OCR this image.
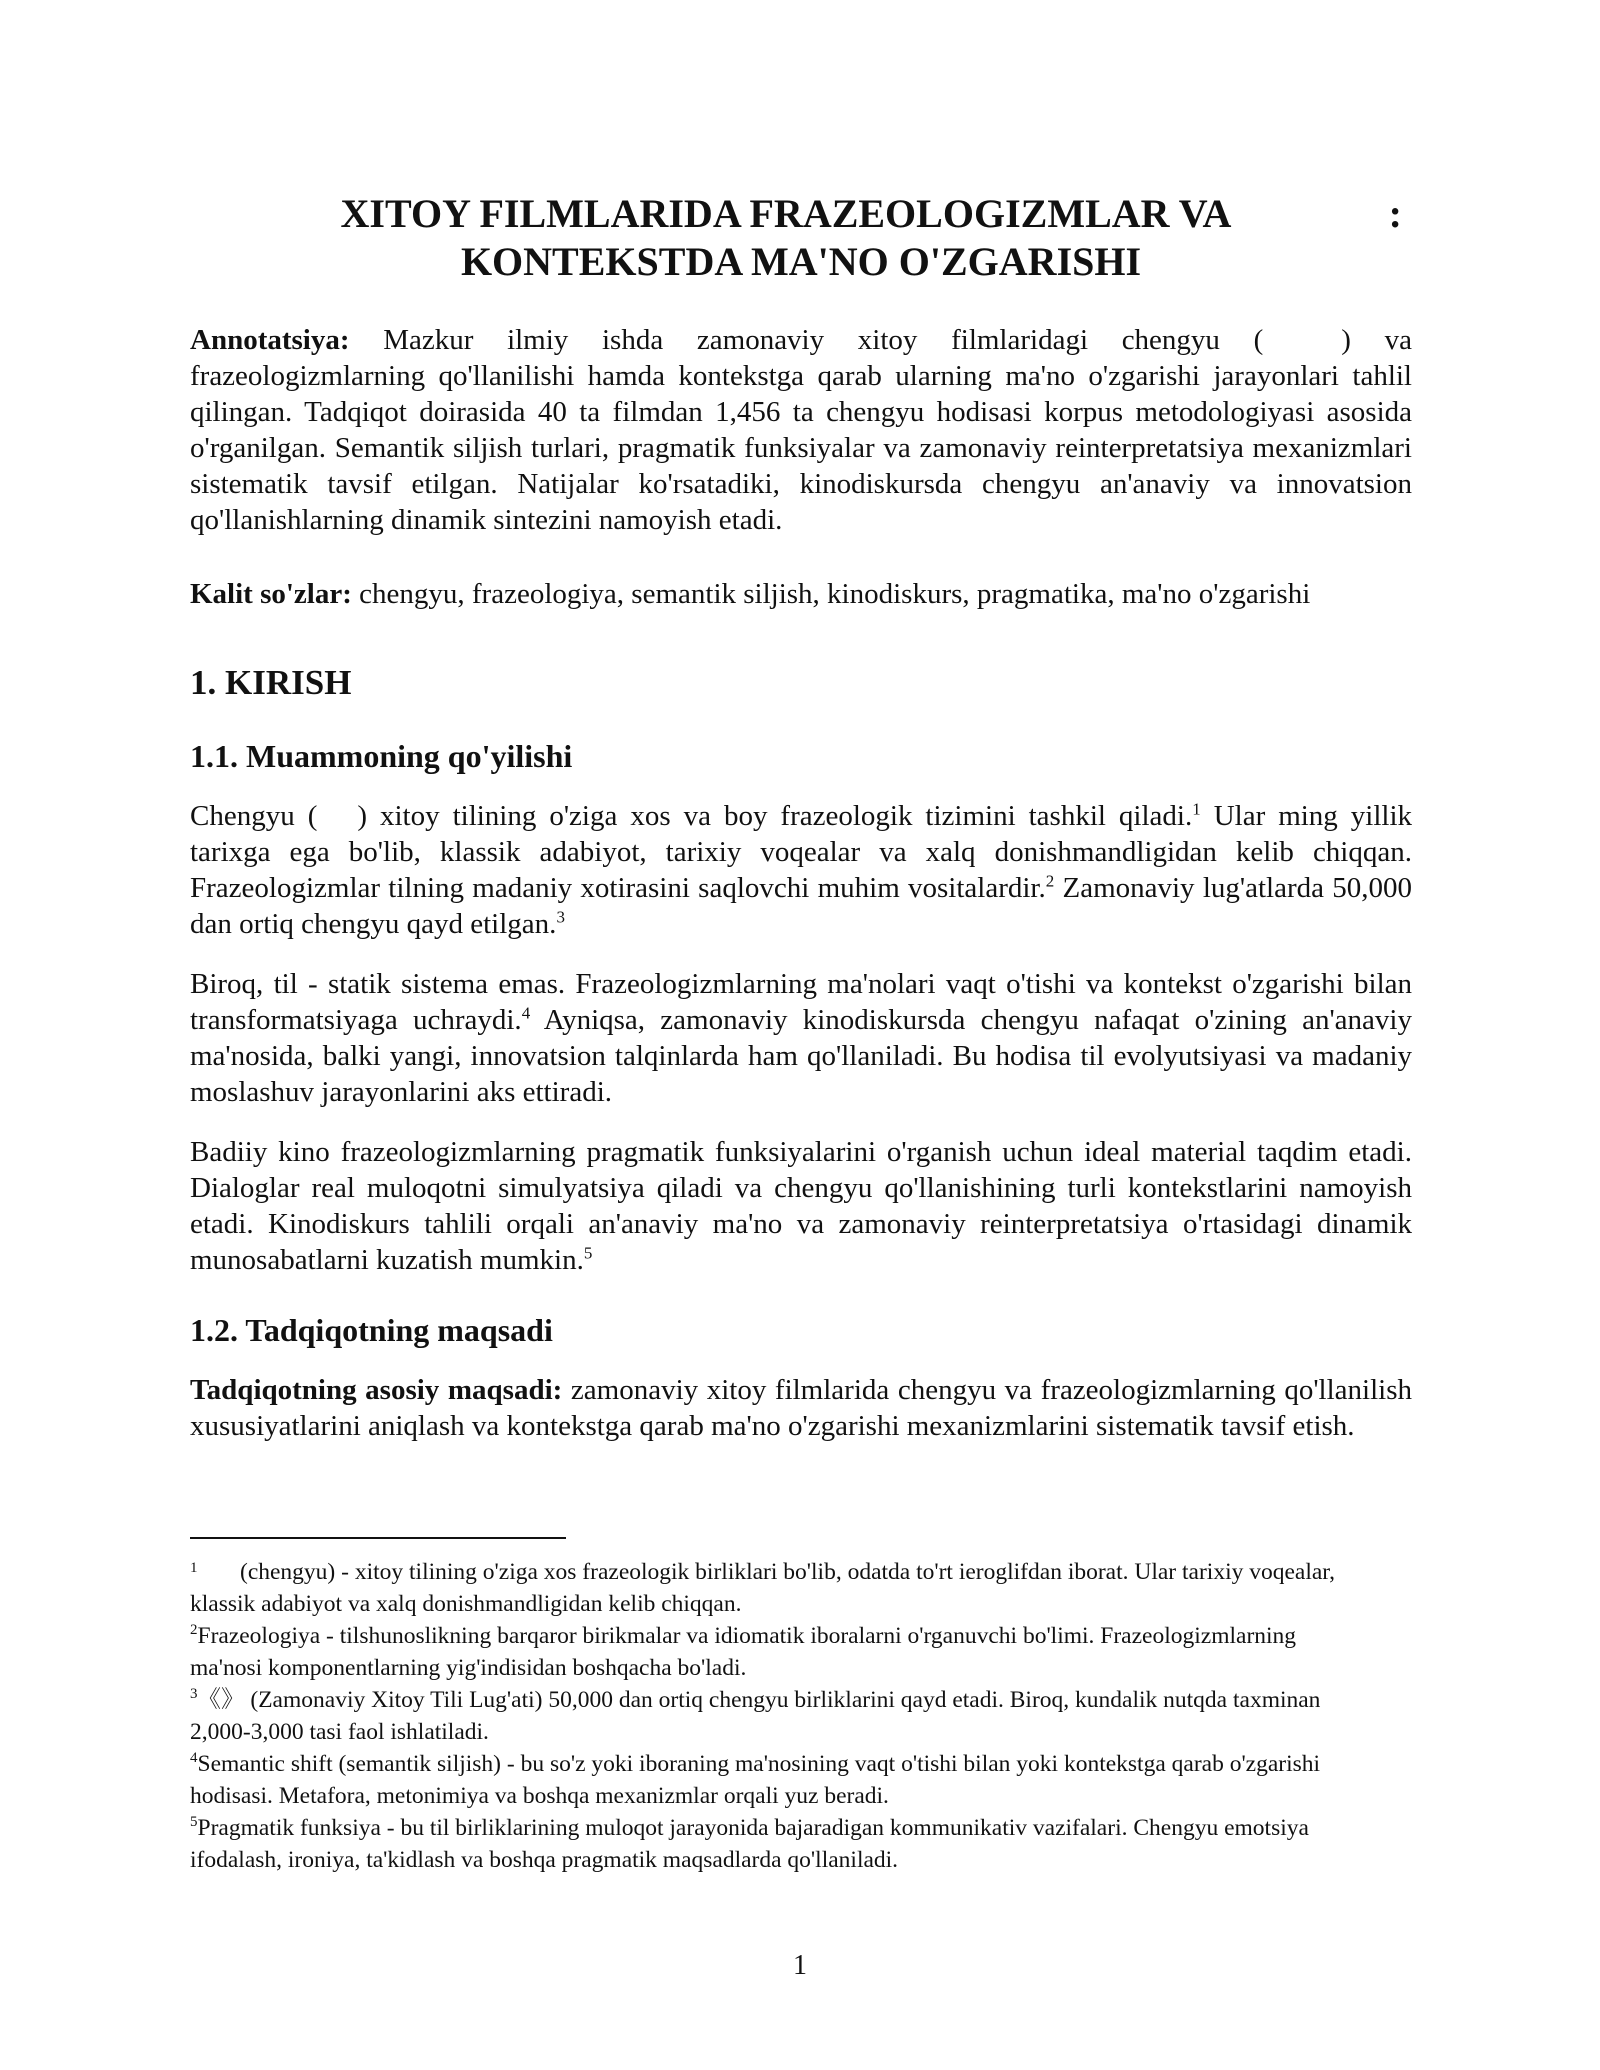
XITOY FILMLARIDA FRAZEOLOGIZMLAR VA	:
KONTEKSTDA MA'NO O'ZGARISHI

Annotatsiya: Mazkur ilmiy ishda zamonaviy xitoy filmlaridagi chengyu (	) va frazeologizmlarning qo'llanilishi hamda kontekstga qarab ularning ma'no o'zgarishi jarayonlari tahlil qilingan. Tadqiqot doirasida 40 ta filmdan 1,456 ta chengyu hodisasi korpus metodologiyasi asosida o'rganilgan. Semantik siljish turlari, pragmatik funksiyalar va zamonaviy reinterpretatsiya mexanizmlari sistematik tavsif etilgan. Natijalar ko'rsatadiki, kinodiskursda chengyu an'anaviy va innovatsion qo'llanishlarning dinamik sintezini namoyish etadi.

Kalit so'zlar: chengyu, frazeologiya, semantik siljish, kinodiskurs, pragmatika, ma'no o'zgarishi

1. KIRISH
1.1. Muammoning qo'yilishi

Chengyu ( ) xitoy tilining o'ziga xos va boy frazeologik tizimini tashkil qiladi.$^1$ Ular ming yillik tarixga ega bo'lib, klassik adabiyot, tarixiy voqealar va xalq donishmandligidan kelib chiqqan. Frazeologizmlar tilning madaniy xotirasini saqlovchi muhim vositalardir.$^2$ Zamonaviy lug'atlarda 50,000 dan ortiq chengyu qayd etilgan.$^3$

Biroq, til - statik sistema emas. Frazeologizmlarning ma'nolari vaqt o'tishi va kontekst o'zgarishi bilan transformatsiyaga uchraydi.$^4$ Ayniqsa, zamonaviy kinodiskursda chengyu nafaqat o'zining an'anaviy ma'nosida, balki yangi, innovatsion talqinlarda ham qo'llaniladi. Bu hodisa til evolyutsiyasi va madaniy moslashuv jarayonlarini aks ettiradi.

Badiiy kino frazeologizmlarning pragmatik funksiyalarini o'rganish uchun ideal material taqdim etadi. Dialoglar real muloqotni simulyatsiya qiladi va chengyu qo'llanishining turli kontekstlarini namoyish etadi. Kinodiskurs tahlili orqali an'anaviy ma'no va zamonaviy reinterpretatsiya o'rtasidagi dinamik munosabatlarni kuzatish mumkin.$^5$

1.2. Tadqiqotning maqsadi

Tadqiqotning asosiy maqsadi: zamonaviy xitoy filmlarida chengyu va frazeologizmlarning qo'llanilish xususiyatlarini aniqlash va kontekstga qarab ma'no o'zgarishi mexanizmlarini sistematik tavsif etish.

1 (chengyu) - xitoy tilining o'ziga xos frazeologik birliklari bo'lib, odatda to'rt ieroglifdan iborat. Ular tarixiy voqealar, klassik adabiyot va xalq donishmandligidan kelib chiqqan.

$^2$Frazeologiya - tilshunoslikning barqaror birikmalar va idiomatik iboralarni o'rganuvchi bo'limi. Frazeologizmlarning ma'nosi komponentlarning yig'indisidan boshqacha bo'ladi.

$^3$《》 (Zamonaviy Xitoy Tili Lug'ati) 50,000 dan ortiq chengyu birliklarini qayd etadi. Biroq, kundalik nutqda taxminan 2,000-3,000 tasi faol ishlatiladi.

$^4$Semantic shift (semantik siljish) - bu so'z yoki iboraning ma'nosining vaqt o'tishi bilan yoki kontekstga qarab o'zgarishi hodisasi. Metafora, metonimiya va boshqa mexanizmlar orqali yuz beradi.

$^5$Pragmatik funksiya - bu til birliklarining muloqot jarayonida bajaradigan kommunikativ vazifalari. Chengyu emotsiya ifodalash, ironiya, ta'kidlash va boshqa pragmatik maqsadlarda qo'llaniladi.

1
